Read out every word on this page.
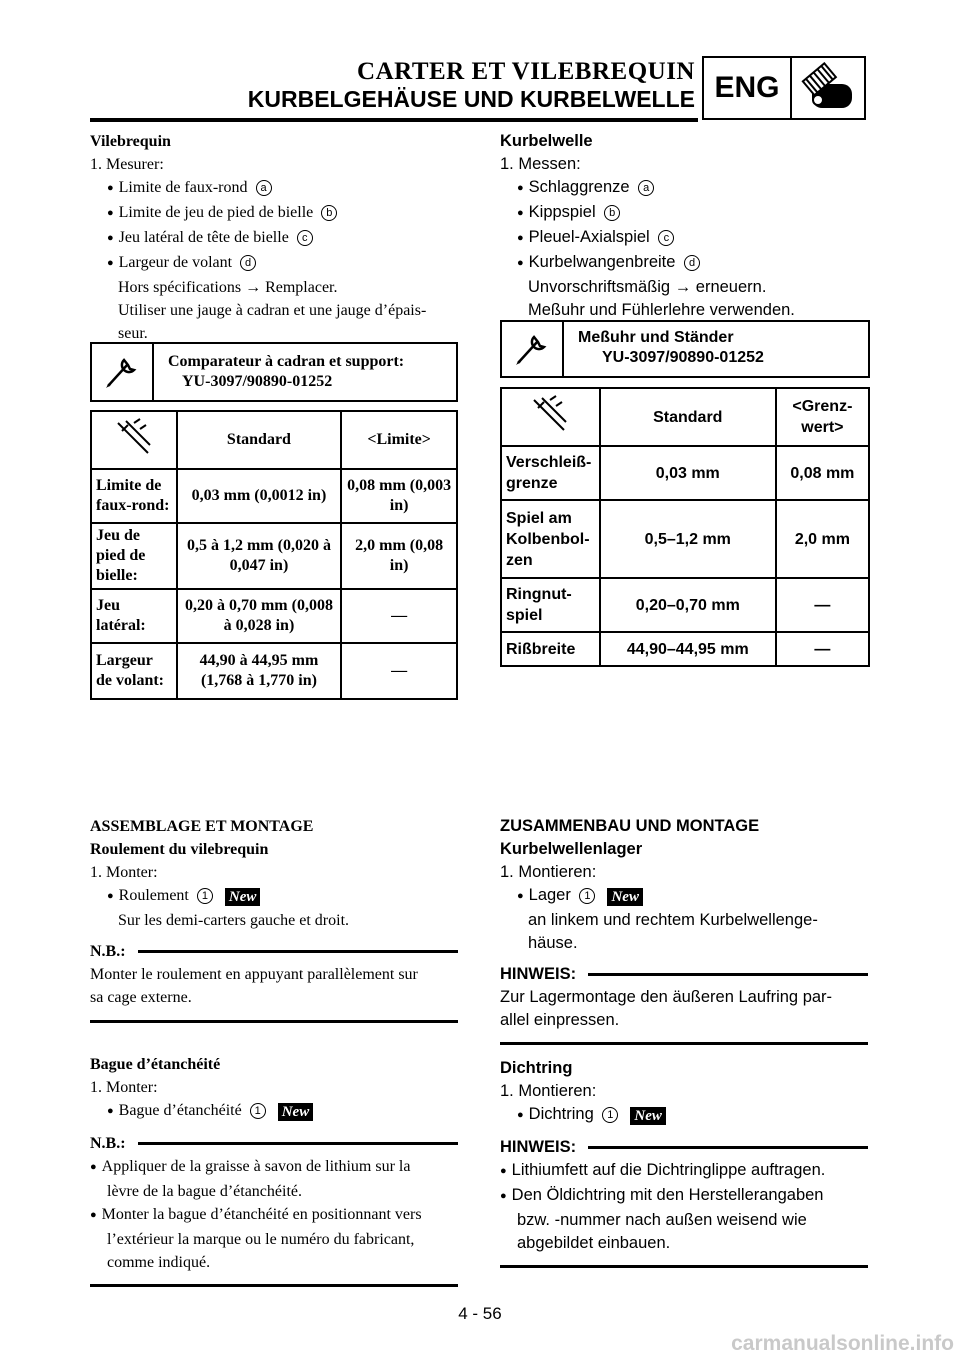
CARTER ET VILEBREQUIN
KURBELGEHÄUSE UND KURBELWELLE ENG

Vilebrequin

1. Mesurer:

● Limite de faux-rond a

● Limite de jeu de pied de bielle b

● Jeu latéral de tête de bielle c

● Largeur de volant d

Hors spécifications → Remplacer.

Utiliser une jauge à cadran et une jauge d’épais-

seur.

Comparateur à cadran et support:
YU-3097/90890-01252
	Standard	<Limite>
Limite de faux-rond:	0,03 mm (0,0012 in)	0,08 mm (0,003 in)
Jeu de pied de bielle:	0,5 à 1,2 mm (0,020 à 0,047 in)	2,0 mm (0,08 in)
Jeu latéral:	0,20 à 0,70 mm (0,008 à 0,028 in)	—
Largeur de volant:	44,90 à 44,95 mm (1,768 à 1,770 in)	—

Kurbelwelle

1. Messen:

● Schlaggrenze a

● Kippspiel b

● Pleuel-Axialspiel c

● Kurbelwangenbreite d

Unvorschriftsmäßig → erneuern.

Meßuhr und Fühlerlehre verwenden.

Meßuhr und Ständer
YU-3097/90890-01252
	Standard	<Grenz-wert>
Verschleiß-grenze	0,03 mm	0,08 mm
Spiel am Kolbenbol-zen	0,5–1,2 mm	2,0 mm
Ringnut-spiel	0,20–0,70 mm	—
Rißbreite	44,90–44,95 mm	—

ASSEMBLAGE ET MONTAGE

Roulement du vilebrequin

1. Monter:

● Roulement 1 New

Sur les demi-carters gauche et droit.

N.B.:

Monter le roulement en appuyant parallèlement sur

sa cage externe.

Bague d’étanchéité

1. Monter:

● Bague d’étanchéité 1 New

N.B.:

● Appliquer de la graisse à savon de lithium sur la

lèvre de la bague d’étanchéité.

● Monter la bague d’étanchéité en positionnant vers

l’extérieur la marque ou le numéro du fabricant,

comme indiqué.

ZUSAMMENBAU UND MONTAGE

Kurbelwellenlager

1. Montieren:

● Lager 1 New

an linkem und rechtem Kurbelwellenge-

häuse.

HINWEIS:

Zur Lagermontage den äußeren Laufring par-

allel einpressen.

Dichtring

1. Montieren:

● Dichtring 1 New

HINWEIS:

● Lithiumfett auf die Dichtringlippe auftragen.

● Den Öldichtring mit den Herstellerangaben

bzw. -nummer nach außen weisend wie

abgebildet einbauen.

4 - 56
carmanualsonline.info
